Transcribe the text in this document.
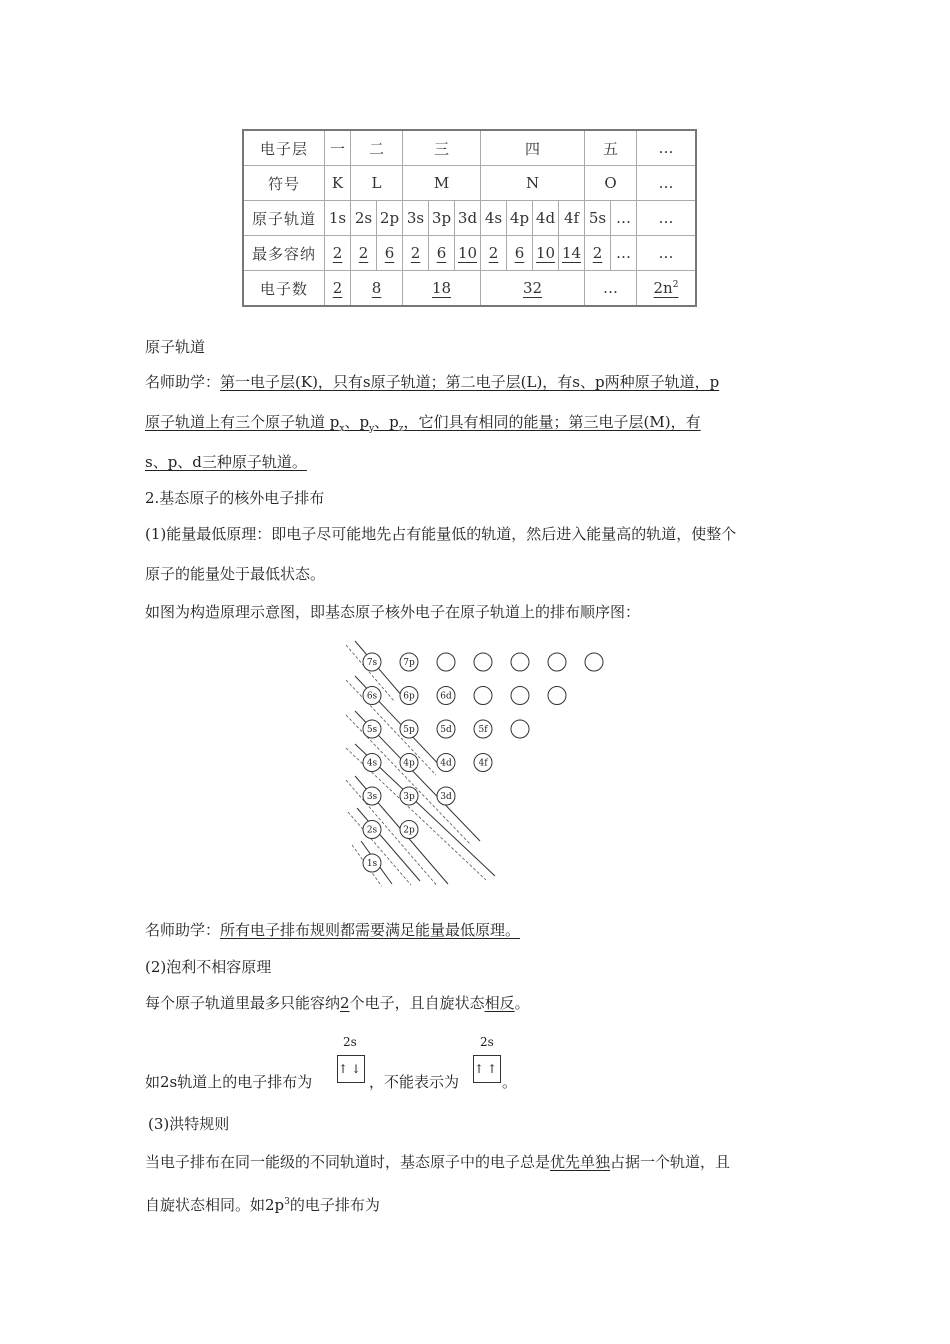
电子层	一	二		三			四				五		…
符号	K	L		M			N				O		…
原子轨道	1s	2s	2p	3s	3p	3d	4s	4p	4d	4f	5s	…	…
最多容纳	2	2	6	2	6	10	2	6	10	14	2	…	…
电子数	2	8		18			32				…		$2n^2$
原子轨道
名师助学：第一电子层(K)，只有s原子轨道；第二电子层(L)，有s、p两种原子轨道，p
原子轨道上有三个原子轨道 $p_x$、$p_y$、$p_z$，它们具有相同的能量；第三电子层(M)，有
s、p、d三种原子轨道。
2.基态原子的核外电子排布
(1)能量最低原理：即电子尽可能地先占有能量低的轨道，然后进入能量高的轨道，使整个
原子的能量处于最低状态。
如图为构造原理示意图，即基态原子核外电子在原子轨道上的排布顺序图：
7s	7p
6s	6p	6d
5s	5p	5d	5f
4s	4p	4d	4f
3s	3p	3d
2s	2p
1s
名师助学：所有电子排布规则都需要满足能量最低原理。
(2)泡利不相容原理
每个原子轨道里最多只能容纳2个电子，且自旋状态相反。
如2s轨道上的电子排布为
2s
↑↓
，不能表示为
2s
↑↑
。
(3)洪特规则
当电子排布在同一能级的不同轨道时，基态原子中的电子总是优先单独占据一个轨道，且
自旋状态相同。如$2p^3$的电子排布为
